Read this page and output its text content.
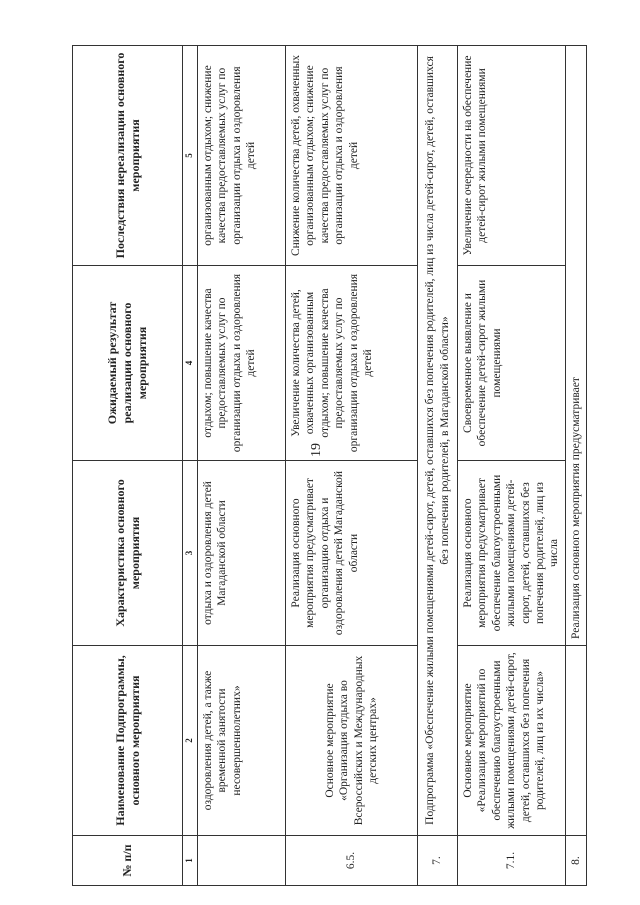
19
№ п/п	Наименование Подпрограммы, основного мероприятия	Характеристика основного мероприятия	Ожидаемый результат реализации основного мероприятия	Последствия нереализации основного мероприятия
1	2	3	4	5
	оздоровления детей, а также временной занятости несовершеннолетних»	отдыха и оздоровления детей Магаданской области	отдыхом; повышение качества предоставляемых услуг по организации отдыха и оздоровления детей	организованным отдыхом; снижение качества предоставляемых услуг по организации отдыха и оздоровления детей
6.5.	Основное мероприятие «Организация отдыха во Всероссийских и Международных детских центрах»	Реализация основного мероприятия предусматривает организацию отдыха и оздоровления детей Магаданской области	Увеличение количества детей, охваченных организованным отдыхом; повышение качества предоставляемых услуг по организации отдыха и оздоровления детей	Снижение количества детей, охваченных организованным отдыхом; снижение качества предоставляемых услуг по организации отдыха и оздоровления детей
7.	Подпрограмма «Обеспечение жилыми помещениями детей-сирот, детей, оставшихся без попечения родителей, лиц из числа детей-сирот, детей, оставшихся без попечения родителей, в Магаданской области»			
7.1.	Основное мероприятие «Реализация мероприятий по обеспечению благоустроенными жилыми помещениями детей-сирот, детей, оставшихся без попечения родителей, лиц из их числа»	Реализация основного мероприятия предусматривает обеспечение благоустроенными жилыми помещениями детей-сирот, детей, оставшихся без попечения родителей, лиц из числа	Своевременное выявление и обеспечение детей-сирот жилыми помещениями	Увеличение очередности на обеспечение детей-сирот жилыми помещениями
8.		Реализация основного мероприятия предусматривает		
